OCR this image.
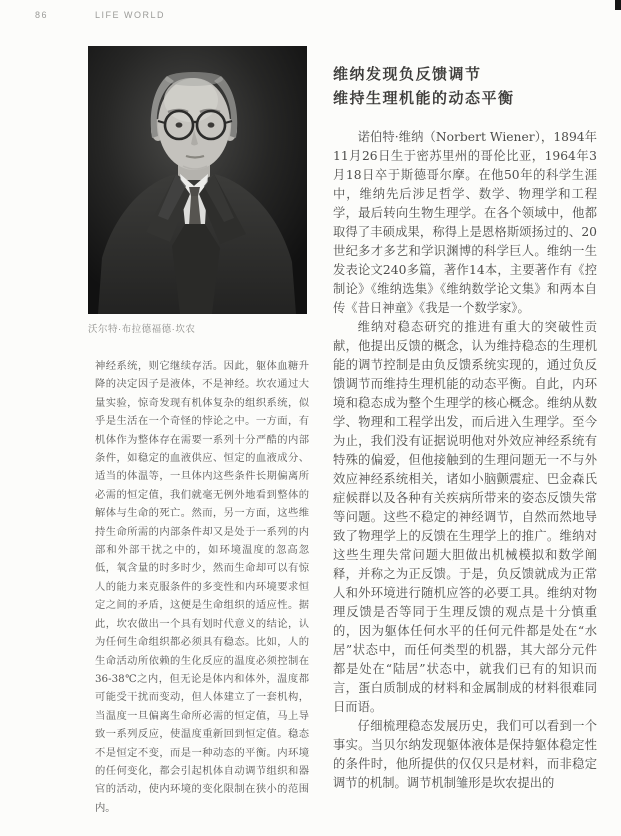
86	LIFE WORLD
沃尔特·布拉德福德·坎农
神经系统，则它继续存活。因此，躯体血糖升降的决定因子是液体，不是神经。坎农通过大量实验，惊奇发现有机体复杂的组织系统，似乎是生活在一个奇怪的悖论之中。一方面，有机体作为整体存在需要一系列十分严酷的内部条件，如稳定的血液供应、恒定的血液成分、适当的体温等，一旦体内这些条件长期偏离所必需的恒定值，我们就毫无例外地看到整体的解体与生命的死亡。然而，另一方面，这些维持生命所需的内部条件却又是处于一系列的内部和外部干扰之中的，如环境温度的忽高忽低，氧含量的时多时少，然而生命却可以有惊人的能力来克服条件的多变性和内环境要求恒定之间的矛盾，这便是生命组织的适应性。据此，坎农做出一个具有划时代意义的结论，认为任何生命组织都必须具有稳态。比如，人的生命活动所依赖的生化反应的温度必须控制在36-38℃之内，但无论是体内和体外，温度都可能受干扰而变动，但人体建立了一套机构，当温度一旦偏离生命所必需的恒定值，马上导致一系列反应，使温度重新回到恒定值。稳态不是恒定不变，而是一种动态的平衡。内环境的任何变化，都会引起机体自动调节组织和器官的活动，使内环境的变化限制在狭小的范围内。
维纳发现负反馈调节
维持生理机能的动态平衡

诺伯特·维纳（Norbert Wiener），1894年11月26日生于密苏里州的哥伦比亚，1964年3月18日卒于斯德哥尔摩。在他50年的科学生涯中，维纳先后涉足哲学、数学、物理学和工程学，最后转向生物生理学。在各个领域中，他都取得了丰硕成果，称得上是恩格斯颂扬过的、20世纪多才多艺和学识渊博的科学巨人。维纳一生发表论文240多篇，著作14本，主要著作有《控制论》《维纳选集》《维纳数学论文集》和两本自传《昔日神童》《我是一个数学家》。

维纳对稳态研究的推进有重大的突破性贡献，他提出反馈的概念，认为维持稳态的生理机能的调节控制是由负反馈系统实现的，通过负反馈调节而维持生理机能的动态平衡。自此，内环境和稳态成为整个生理学的核心概念。维纳从数学、物理和工程学出发，而后进入生理学。至今为止，我们没有证据说明他对外效应神经系统有特殊的偏爱，但他接触到的生理问题无一不与外效应神经系统相关，诸如小脑颤震症、巴金森氏症候群以及各种有关疾病所带来的姿态反馈失常等问题。这些不稳定的神经调节，自然而然地导致了物理学上的反馈在生理学上的推广。维纳对这些生理失常问题大胆做出机械模拟和数学阐释，并称之为正反馈。于是，负反馈就成为正常人和外环境进行随机应答的必要工具。维纳对物理反馈是否等同于生理反馈的观点是十分慎重的，因为躯体任何水平的任何元件都是处在“水居”状态中，而任何类型的机器，其大部分元件都是处在“陆居”状态中，就我们已有的知识而言，蛋白质制成的材料和金属制成的材料很难同日而语。

仔细梳理稳态发展历史，我们可以看到一个事实。当贝尔纳发现躯体液体是保持躯体稳定性的条件时，他所提供的仅仅只是材料，而非稳定调节的机制。调节机制雏形是坎农提出的
